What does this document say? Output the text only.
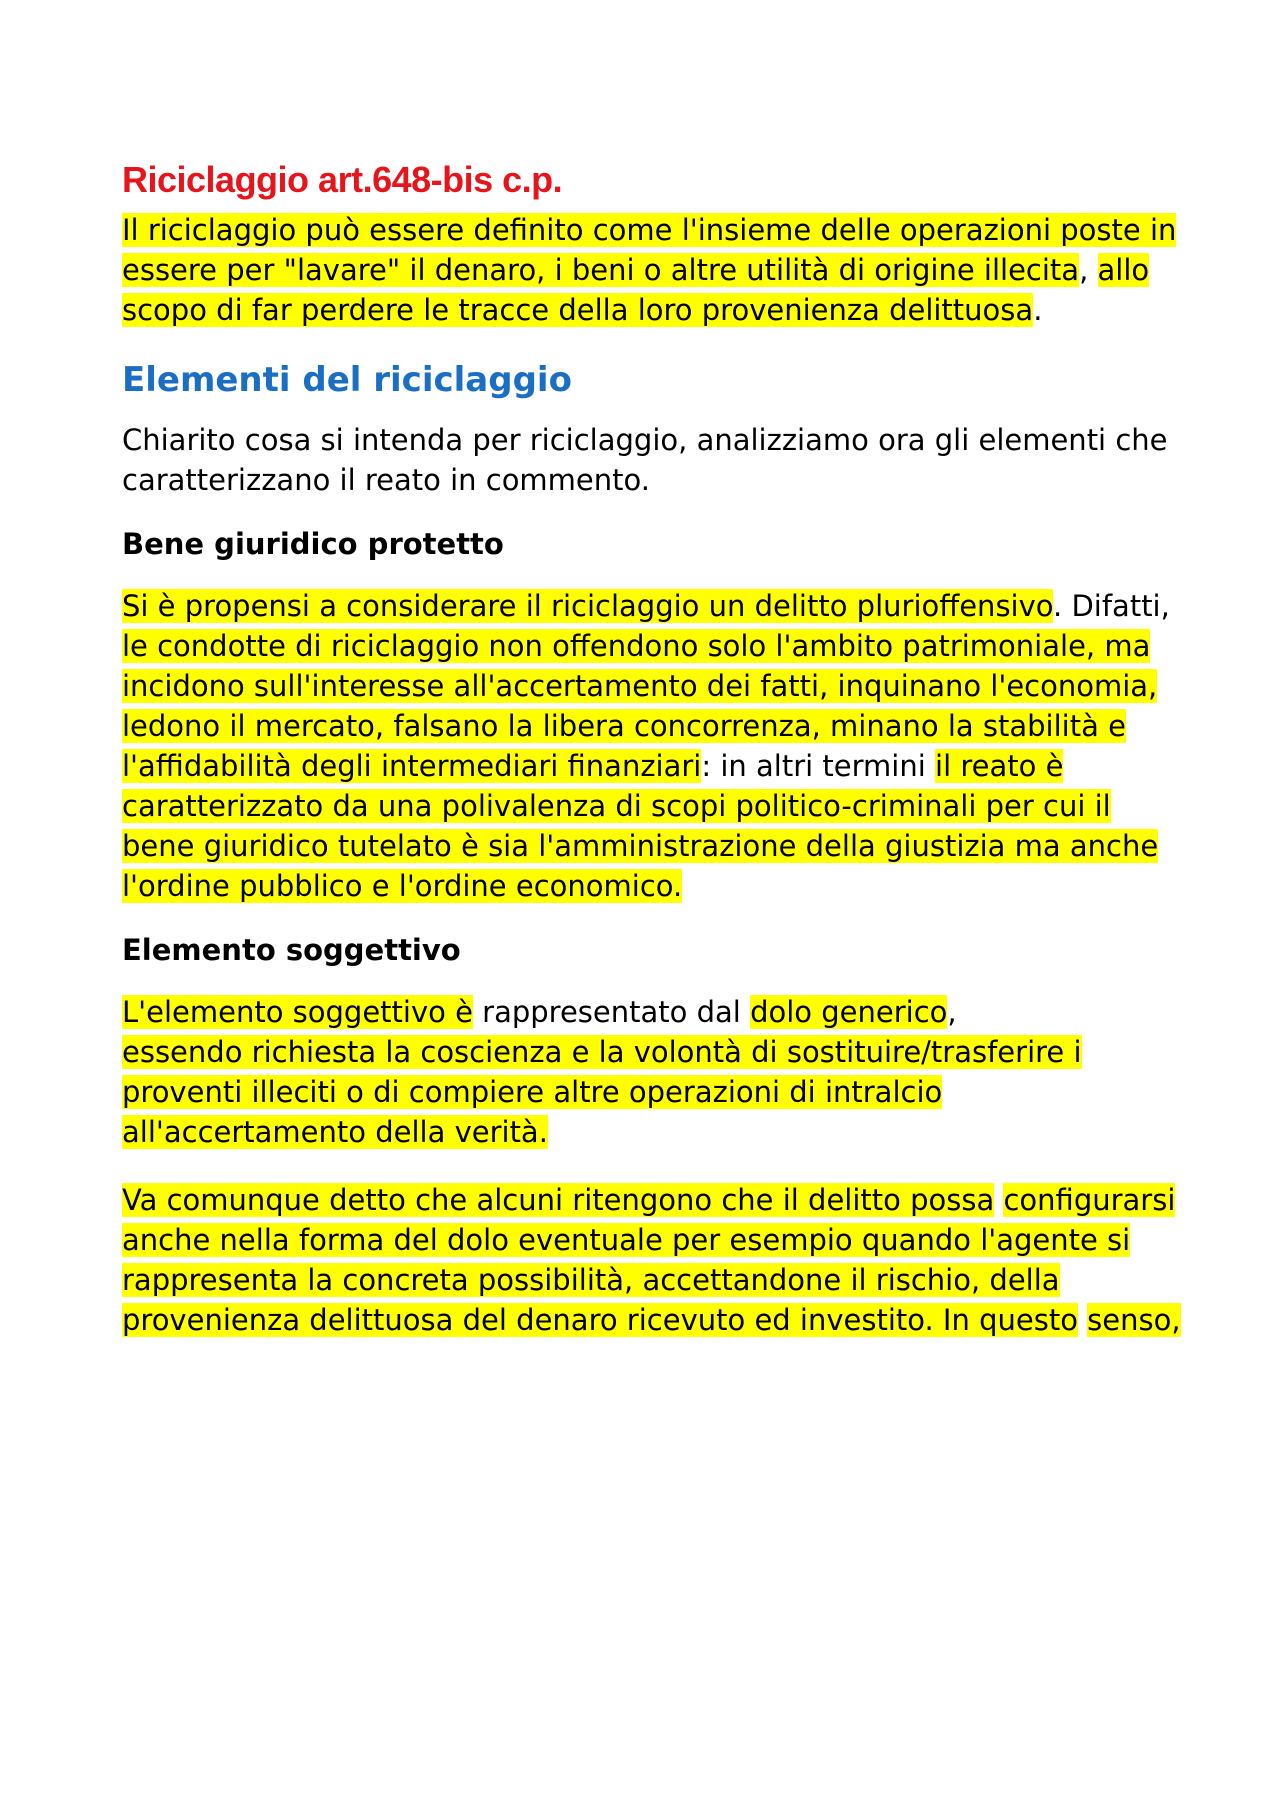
Riciclaggio art.648-bis c.p.

Il riciclaggio può essere definito come l'insieme delle operazioni poste in essere per "lavare" il denaro, i beni o altre utilità di origine illecita, allo scopo di far perdere le tracce della loro provenienza delittuosa.

Elementi del riciclaggio

Chiarito cosa si intenda per riciclaggio, analizziamo ora gli elementi che caratterizzano il reato in commento.

Bene giuridico protetto

Si è propensi a considerare il riciclaggio un delitto plurioffensivo. Difatti, le condotte di riciclaggio non offendono solo l'ambito patrimoniale, ma incidono sull'interesse all'accertamento dei fatti, inquinano l'economia, ledono il mercato, falsano la libera concorrenza, minano la stabilità e l'affidabilità degli intermediari finanziari: in altri termini il reato è caratterizzato da una polivalenza di scopi politico-criminali per cui il bene giuridico tutelato è sia l'amministrazione della giustizia ma anche l'ordine pubblico e l'ordine economico.

Elemento soggettivo

L'elemento soggettivo è rappresentato dal dolo generico,
essendo richiesta la coscienza e la volontà di sostituire/trasferire i proventi illeciti o di compiere altre operazioni di intralcio all'accertamento della verità.

Va comunque detto che alcuni ritengono che il delitto possa configurarsi anche nella forma del dolo eventuale per esempio quando l'agente si rappresenta la concreta possibilità, accettandone il rischio, della provenienza delittuosa del denaro ricevuto ed investito. In questo senso,
